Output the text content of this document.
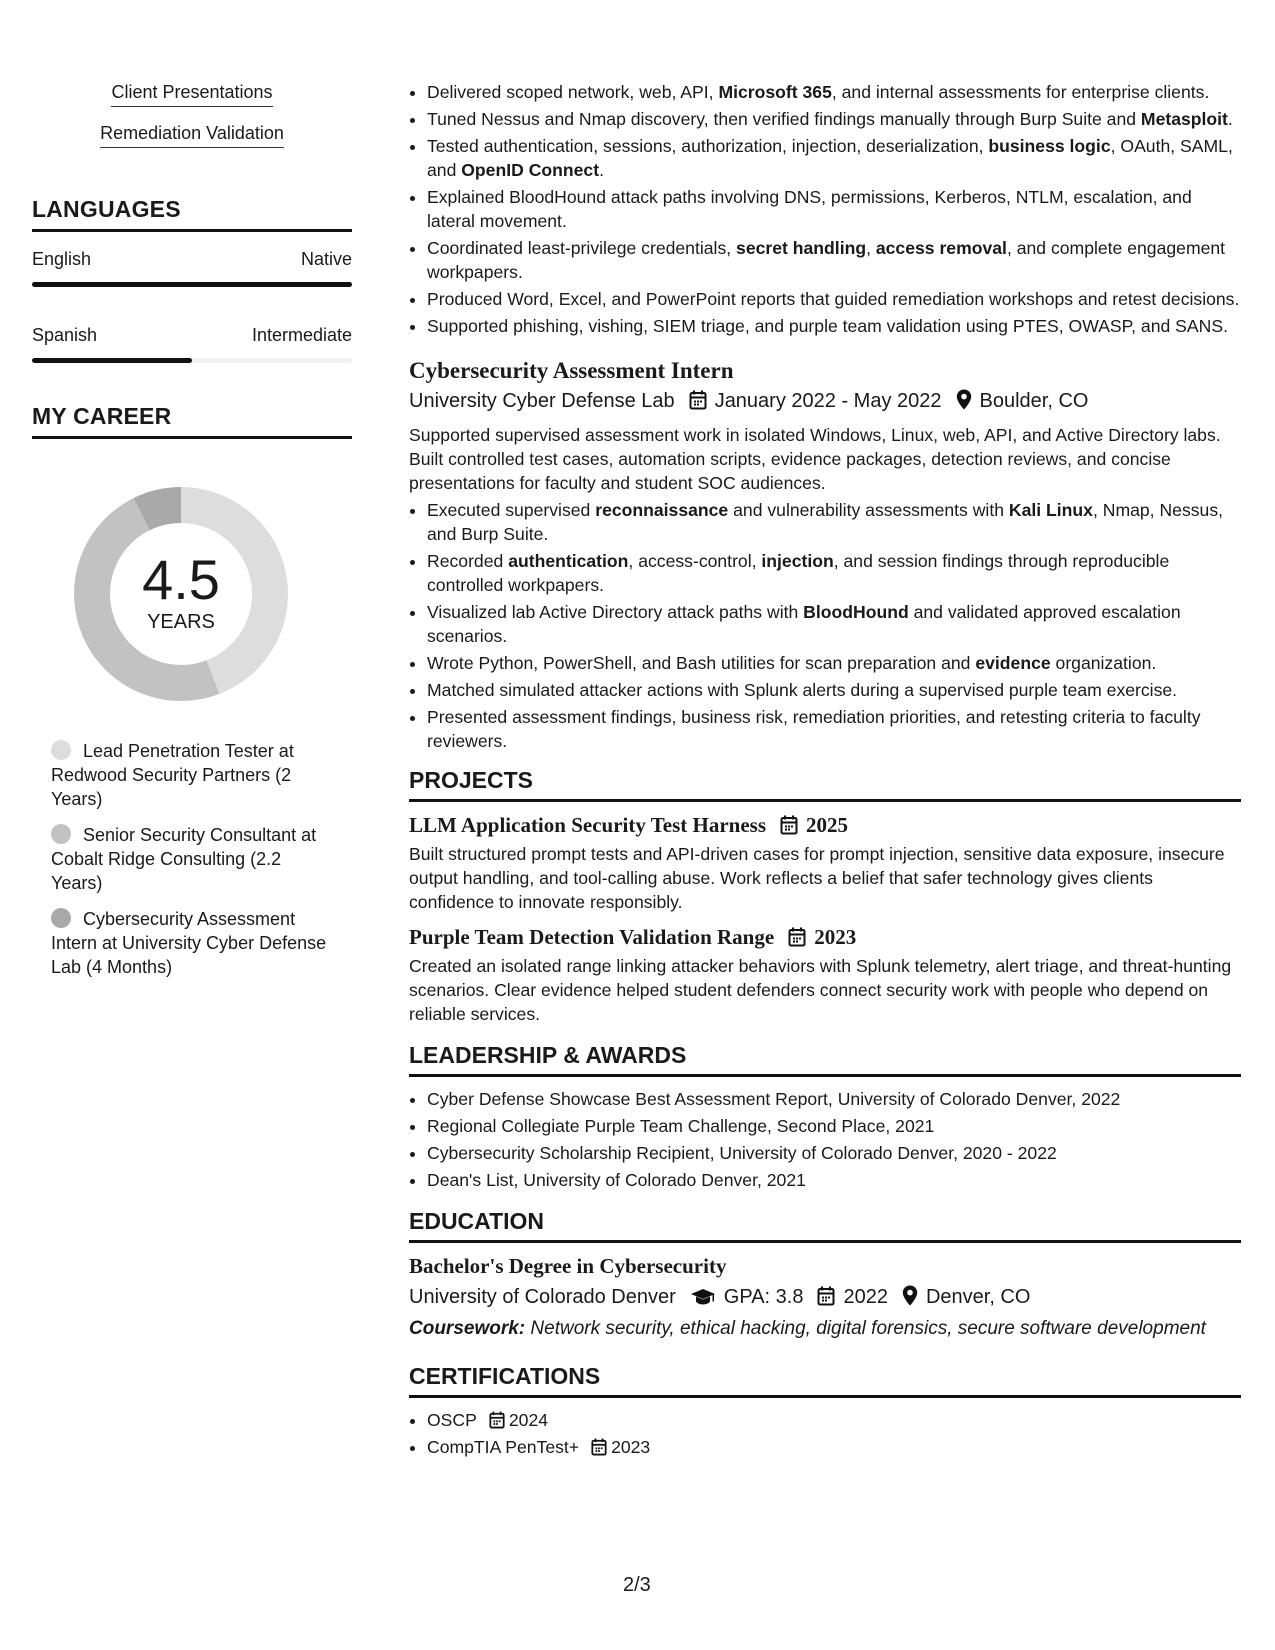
Client Presentations
Remediation Validation
LANGUAGES
English	Native
Spanish	Intermediate
MY CAREER
4.5
YEARS
Lead Penetration Tester at Redwood Security Partners (2 Years)
Senior Security Consultant at Cobalt Ridge Consulting (2.2 Years)
Cybersecurity Assessment Intern at University Cyber Defense Lab (4 Months)
• Delivered scoped network, web, API, Microsoft 365, and internal assessments for enterprise clients.
• Tuned Nessus and Nmap discovery, then verified findings manually through Burp Suite and Metasploit.
• Tested authentication, sessions, authorization, injection, deserialization, business logic, OAuth, SAML, and OpenID Connect.
• Explained BloodHound attack paths involving DNS, permissions, Kerberos, NTLM, escalation, and lateral movement.
• Coordinated least-privilege credentials, secret handling, access removal, and complete engagement workpapers.
• Produced Word, Excel, and PowerPoint reports that guided remediation workshops and retest decisions.
• Supported phishing, vishing, SIEM triage, and purple team validation using PTES, OWASP, and SANS.
Cybersecurity Assessment Intern
University Cyber Defense Lab January 2022 - May 2022 Boulder, CO
Supported supervised assessment work in isolated Windows, Linux, web, API, and Active Directory labs. Built controlled test cases, automation scripts, evidence packages, detection reviews, and concise presentations for faculty and student SOC audiences.
• Executed supervised reconnaissance and vulnerability assessments with Kali Linux, Nmap, Nessus, and Burp Suite.
• Recorded authentication, access-control, injection, and session findings through reproducible controlled workpapers.
• Visualized lab Active Directory attack paths with BloodHound and validated approved escalation scenarios.
• Wrote Python, PowerShell, and Bash utilities for scan preparation and evidence organization.
• Matched simulated attacker actions with Splunk alerts during a supervised purple team exercise.
• Presented assessment findings, business risk, remediation priorities, and retesting criteria to faculty reviewers.
PROJECTS
LLM Application Security Test Harness 2025
Built structured prompt tests and API-driven cases for prompt injection, sensitive data exposure, insecure output handling, and tool-calling abuse. Work reflects a belief that safer technology gives clients confidence to innovate responsibly.
Purple Team Detection Validation Range 2023
Created an isolated range linking attacker behaviors with Splunk telemetry, alert triage, and threat-hunting scenarios. Clear evidence helped student defenders connect security work with people who depend on reliable services.
LEADERSHIP & AWARDS
• Cyber Defense Showcase Best Assessment Report, University of Colorado Denver, 2022
• Regional Collegiate Purple Team Challenge, Second Place, 2021
• Cybersecurity Scholarship Recipient, University of Colorado Denver, 2020 - 2022
• Dean's List, University of Colorado Denver, 2021
EDUCATION
Bachelor's Degree in Cybersecurity
University of Colorado Denver GPA: 3.8 2022 Denver, CO
Coursework: Network security, ethical hacking, digital forensics, secure software development
CERTIFICATIONS
• OSCP 2024
• CompTIA PenTest+ 2023
2/3
